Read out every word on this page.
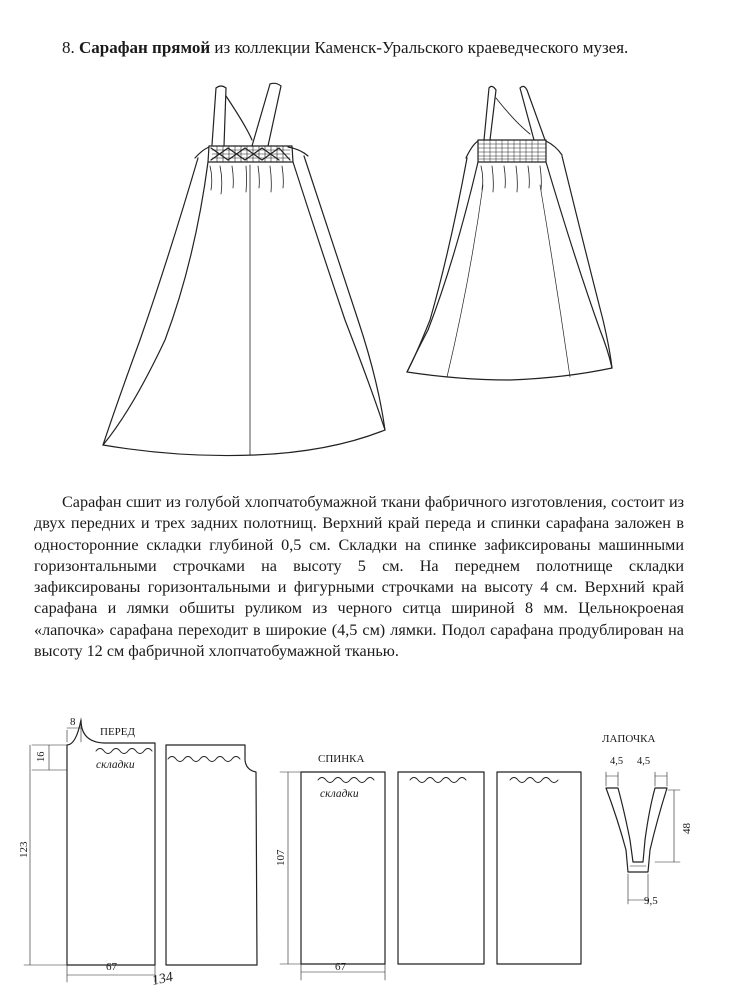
8. Сарафан прямой из коллекции Каменск-Уральского краеведческого музея.
ПЕРЕД
складки
8
16
123
67
134
СПИНКА
складки
107
67
ЛАПОЧКА
4,5 4,5
48
9,5
Сарафан сшит из голубой хлопчатобумажной ткани фабричного изготовления, состоит из двух передних и трех задних полотнищ. Верхний край переда и спинки сарафана заложен в односторонние складки глубиной 0,5 см. Складки на спинке зафиксированы машинными горизонтальными строчками на высоту 5 см. На переднем полотнище складки зафиксированы горизонтальными и фигурными строчками на высоту 4 см. Верхний край сарафана и лямки обшиты руликом из черного ситца шириной 8 мм. Цельнокроеная «лапочка» сарафана переходит в широкие (4,5 см) лямки. Подол сарафана продублирован на высоту 12 см фабричной хлопчатобумажной тканью.
